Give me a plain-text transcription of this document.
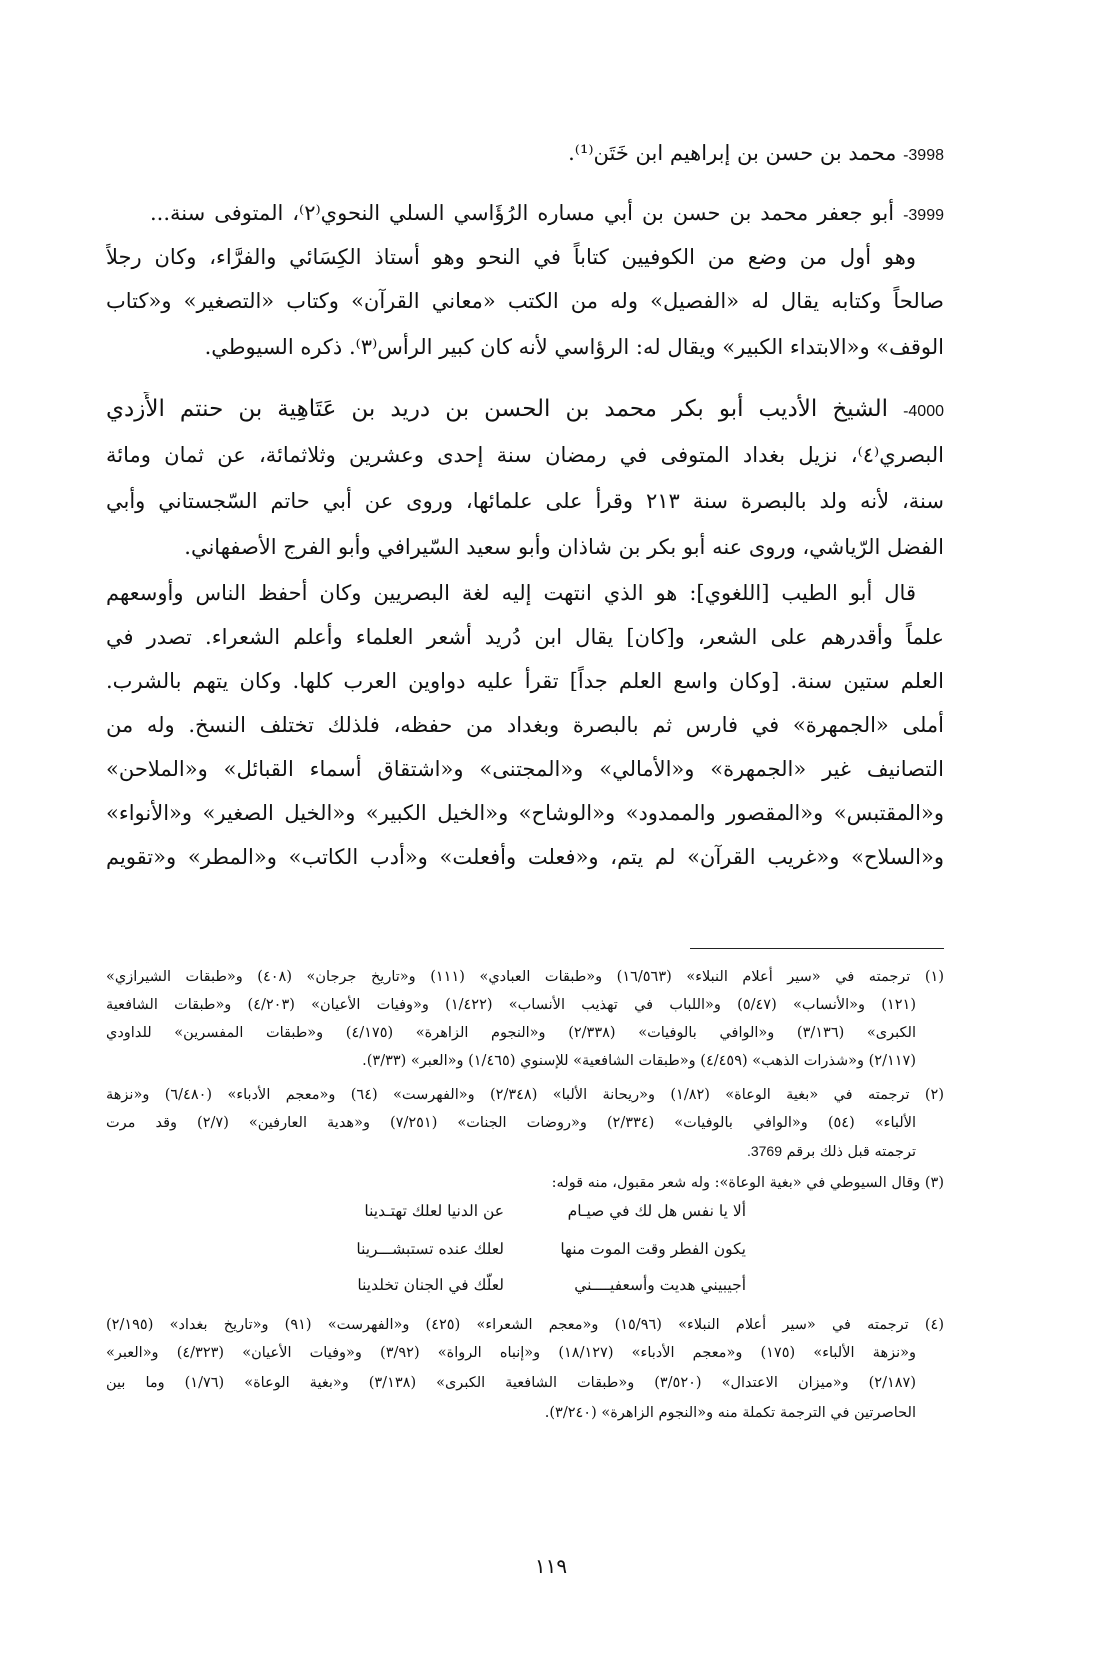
3998- محمد بن حسن بن إبراهيم ابن خَتَن⁽¹⁾.
3999- أبو جعفر محمد بن حسن بن أبي مساره الرُؤَاسي السلي النحوي⁽٢⁾، المتوفى سنة...
وهو أول من وضع من الكوفيين كتاباً في النحو وهو أستاذ الكِسَائي والفرَّاء، وكان رجلاً
صالحاً وكتابه يقال له «الفصيل» وله من الكتب «معاني القرآن» وكتاب «التصغير» و«كتاب
الوقف» و«الابتداء الكبير» ويقال له: الرؤاسي لأنه كان كبير الرأس⁽٣⁾. ذكره السيوطي.
4000- الشيخ الأديب أبو بكر محمد بن الحسن بن دريد بن عَتَاهِية بن حنتم الأَزدي
البصري⁽٤⁾، نزيل بغداد المتوفى في رمضان سنة إحدى وعشرين وثلاثمائة، عن ثمان ومائة
سنة، لأنه ولد بالبصرة سنة ٢١٣ وقرأ على علمائها، وروى عن أبي حاتم السّجستاني وأبي
الفضل الرّياشي، وروى عنه أبو بكر بن شاذان وأبو سعيد السّيرافي وأبو الفرج الأصفهاني.
قال أبو الطيب [اللغوي]: هو الذي انتهت إليه لغة البصريين وكان أحفظ الناس وأوسعهم
علماً وأقدرهم على الشعر، و[كان] يقال ابن دُريد أشعر العلماء وأعلم الشعراء. تصدر في
العلم ستين سنة. [وكان واسع العلم جداً] تقرأ عليه دواوين العرب كلها. وكان يتهم بالشرب.
أملى «الجمهرة» في فارس ثم بالبصرة وبغداد من حفظه، فلذلك تختلف النسخ. وله من
التصانيف غير «الجمهرة» و«الأمالي» و«المجتنى» و«اشتقاق أسماء القبائل» و«الملاحن»
و«المقتبس» و«المقصور والممدود» و«الوشاح» و«الخيل الكبير» و«الخيل الصغير» و«الأنواء»
و«السلاح» و«غريب القرآن» لم يتم، و«فعلت وأفعلت» و«أدب الكاتب» و«المطر» و«تقويم
(١) ترجمته في «سير أعلام النبلاء» (١٦/٥٦٣) و«طبقات العبادي» (١١١) و«تاريخ جرجان» (٤٠٨) و«طبقات الشيرازي»
(١٢١) و«الأنساب» (٥/٤٧) و«اللباب في تهذيب الأنساب» (١/٤٢٢) و«وفيات الأعيان» (٤/٢٠٣) و«طبقات الشافعية
الكبرى» (٣/١٣٦) و«الوافي بالوفيات» (٢/٣٣٨) و«النجوم الزاهرة» (٤/١٧٥) و«طبقات المفسرين» للداودي
(٢/١١٧) و«شذرات الذهب» (٤/٤٥٩) و«طبقات الشافعية» للإسنوي (١/٤٦٥) و«العبر» (٣/٣٣).
(٢) ترجمته في «بغية الوعاة» (١/٨٢) و«ريحانة الألبا» (٢/٣٤٨) و«الفهرست» (٦٤) و«معجم الأدباء» (٦/٤٨٠) و«نزهة
الألباء» (٥٤) و«الوافي بالوفيات» (٢/٣٣٤) و«روضات الجنات» (٧/٢٥١) و«هدية العارفين» (٢/٧) وقد مرت
ترجمته قبل ذلك برقم 3769.
(٣) وقال السيوطي في «بغية الوعاة»: وله شعر مقبول، منه قوله:
ألا يا نفس هل لك في صيـام
عن الدنيا لعلك تهتـدينا
يكون الفطر وقت الموت منها
لعلك عنده تستبشـــرينا
أجيبيني هديت وأسعفيــــني
لعلّك في الجنان تخلدينا
(٤) ترجمته في «سير أعلام النبلاء» (١٥/٩٦) و«معجم الشعراء» (٤٢٥) و«الفهرست» (٩١) و«تاريخ بغداد» (٢/١٩٥)
و«نزهة الألباء» (١٧٥) و«معجم الأدباء» (١٨/١٢٧) و«إنباه الرواة» (٣/٩٢) و«وفيات الأعيان» (٤/٣٢٣) و«العبر»
(٢/١٨٧) و«ميزان الاعتدال» (٣/٥٢٠) و«طبقات الشافعية الكبرى» (٣/١٣٨) و«بغية الوعاة» (١/٧٦) وما بين
الحاصرتين في الترجمة تكملة منه و«النجوم الزاهرة» (٣/٢٤٠).
١١٩
